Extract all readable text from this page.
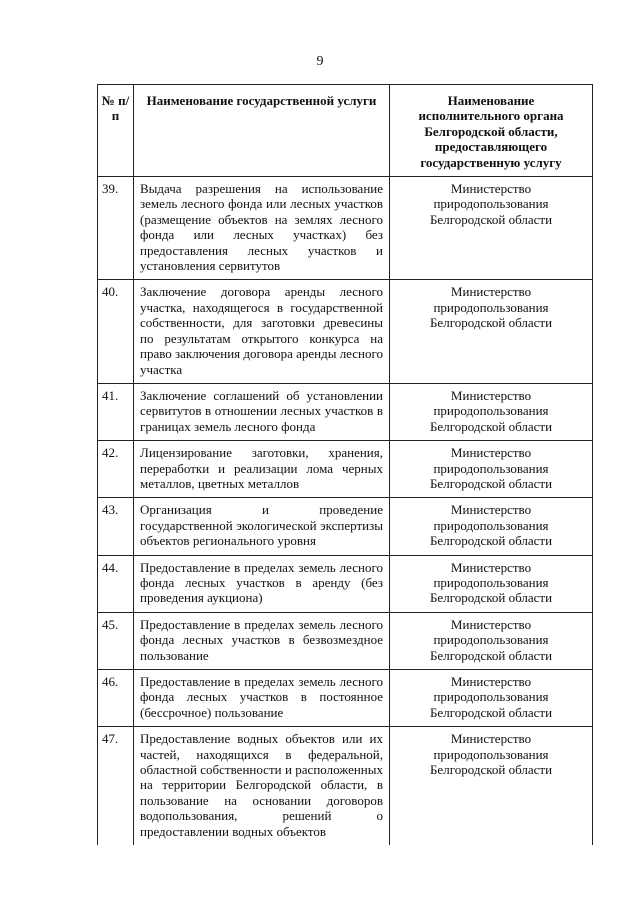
9
№ п/п	Наименование государственной услуги	Наименование исполнительного органа Белгородской области, предоставляющего государственную услугу
39.	Выдача разрешения на использование земель лесного фонда или лесных участков (размещение объектов на землях лесного фонда или лесных участках) без предоставления лесных участков и установления сервитутов	Министерство природопользования Белгородской области
40.	Заключение договора аренды лесного участка, находящегося в государственной собственности, для заготовки древесины по результатам открытого конкурса на право заключения договора аренды лесного участка	Министерство природопользования Белгородской области
41.	Заключение соглашений об установлении сервитутов в отношении лесных участков в границах земель лесного фонда	Министерство природопользования Белгородской области
42.	Лицензирование заготовки, хранения, переработки и реализации лома черных металлов, цветных металлов	Министерство природопользования Белгородской области
43.	Организация и проведение государственной экологической экспертизы объектов регионального уровня	Министерство природопользования Белгородской области
44.	Предоставление в пределах земель лесного фонда лесных участков в аренду (без проведения аукциона)	Министерство природопользования Белгородской области
45.	Предоставление в пределах земель лесного фонда лесных участков в безвозмездное пользование	Министерство природопользования Белгородской области
46.	Предоставление в пределах земель лесного фонда лесных участков в постоянное (бессрочное) пользование	Министерство природопользования Белгородской области
47.	Предоставление водных объектов или их частей, находящихся в федеральной, областной собственности и расположенных на территории Белгородской области, в пользование на основании договоров водопользования, решений о предоставлении водных объектов	Министерство природопользования Белгородской области
